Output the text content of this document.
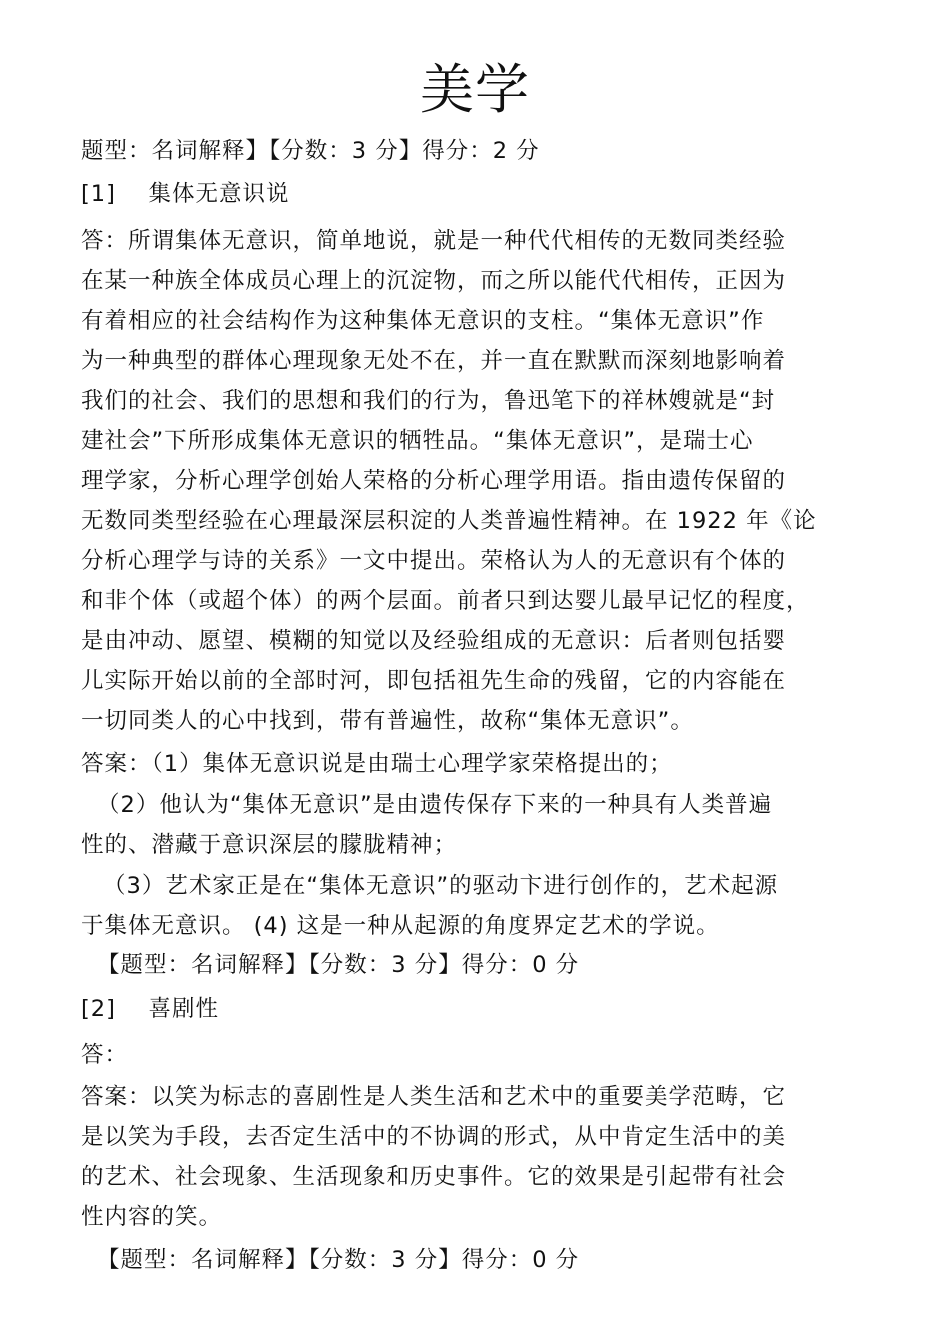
美学
题型：名词解释】【分数：3 分】得分：2 分
[1] 集体无意识说
答：所谓集体无意识，简单地说，就是一种代代相传的无数同类经验
在某一种族全体成员心理上的沉淀物，而之所以能代代相传，正因为
有着相应的社会结构作为这种集体无意识的支柱。“集体无意识”作
为一种典型的群体心理现象无处不在，并一直在默默而深刻地影响着
我们的社会、我们的思想和我们的行为，鲁迅笔下的祥林嫂就是“封
建社会”下所形成集体无意识的牺牲品。“集体无意识”，是瑞士心
理学家，分析心理学创始人荣格的分析心理学用语。指由遗传保留的
无数同类型经验在心理最深层积淀的人类普遍性精神。在 1922 年《论
分析心理学与诗的关系》一文中提出。荣格认为人的无意识有个体的
和非个体（或超个体）的两个层面。前者只到达婴儿最早记忆的程度，
是由冲动、愿望、模糊的知觉以及经验组成的无意识：后者则包括婴
儿实际开始以前的全部时河，即包括祖先生命的残留，它的内容能在
一切同类人的心中找到，带有普遍性，故称“集体无意识”。
答案：（1）集体无意识说是由瑞士心理学家荣格提出的；
（2）他认为“集体无意识”是由遗传保存下来的一种具有人类普遍
性的、潜藏于意识深层的朦胧精神；
（3）艺术家正是在“集体无意识”的驱动卞进行创作的，艺术起源
于集体无意识。 (4) 这是一种从起源的角度界定艺术的学说。
【题型：名词解释】【分数：3 分】得分：0 分
[2] 喜剧性
答：
答案：以笑为标志的喜剧性是人类生活和艺术中的重要美学范畴，它
是以笑为手段，去否定生活中的不协调的形式，从中肯定生活中的美
的艺术、社会现象、生活现象和历史事件。它的效果是引起带有社会
性内容的笑。
【题型：名词解释】【分数：3 分】得分：0 分
